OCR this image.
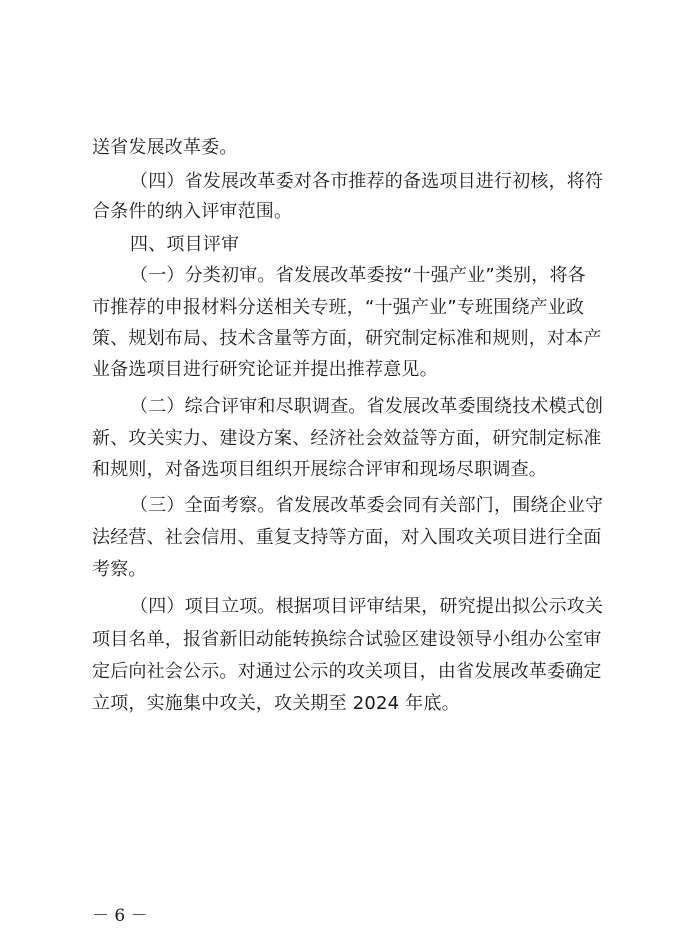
送省发展改革委。
（四）省发展改革委对各市推荐的备选项目进行初核，将符
合条件的纳入评审范围。
四、项目评审
（一）分类初审。省发展改革委按“十强产业”类别，将各
市推荐的申报材料分送相关专班，“十强产业”专班围绕产业政
策、规划布局、技术含量等方面，研究制定标准和规则，对本产
业备选项目进行研究论证并提出推荐意见。
（二）综合评审和尽职调查。省发展改革委围绕技术模式创
新、攻关实力、建设方案、经济社会效益等方面，研究制定标准
和规则，对备选项目组织开展综合评审和现场尽职调查。
（三）全面考察。省发展改革委会同有关部门，围绕企业守
法经营、社会信用、重复支持等方面，对入围攻关项目进行全面
考察。
（四）项目立项。根据项目评审结果，研究提出拟公示攻关
项目名单，报省新旧动能转换综合试验区建设领导小组办公室审
定后向社会公示。对通过公示的攻关项目，由省发展改革委确定
立项，实施集中攻关，攻关期至 2024 年底。
－ 6 －
